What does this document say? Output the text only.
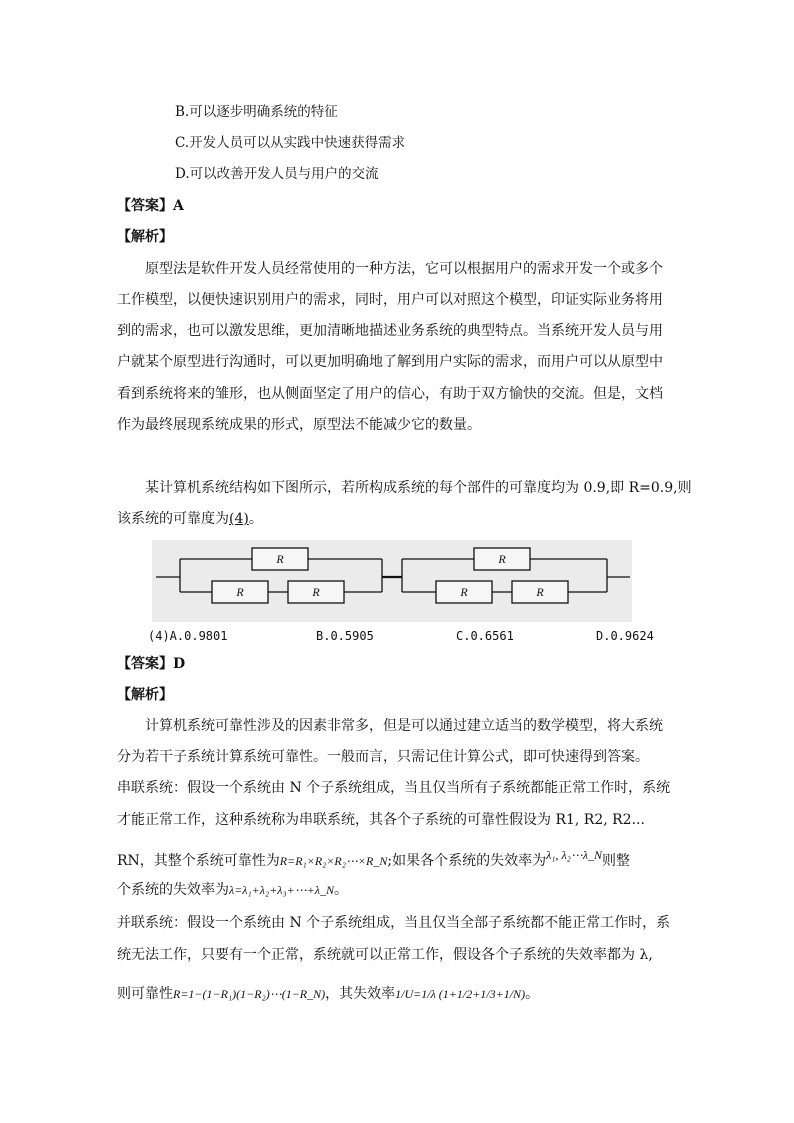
B.可以逐步明确系统的特征
C.开发人员可以从实践中快速获得需求
D.可以改善开发人员与用户的交流
【答案】A
【解析】
原型法是软件开发人员经常使用的一种方法，它可以根据用户的需求开发一个或多个
工作模型，以便快速识别用户的需求，同时，用户可以对照这个模型，印证实际业务将用
到的需求，也可以激发思维，更加清晰地描述业务系统的典型特点。当系统开发人员与用
户就某个原型进行沟通时，可以更加明确地了解到用户实际的需求，而用户可以从原型中
看到系统将来的雏形，也从侧面坚定了用户的信心，有助于双方愉快的交流。但是，文档
作为最终展现系统成果的形式，原型法不能减少它的数量。
某计算机系统结构如下图所示，若所构成系统的每个部件的可靠度均为 0.9,即 R=0.9,则
该系统的可靠度为(4)。
R
R	R
R
R	R
(4)A.0.9801	B.0.5905	C.0.6561	D.0.9624
【答案】D
【解析】
计算机系统可靠性涉及的因素非常多，但是可以通过建立适当的数学模型，将大系统
分为若干子系统计算系统可靠性。一般而言，只需记住计算公式，即可快速得到答案。
串联系统：假设一个系统由 N 个子系统组成，当且仅当所有子系统都能正常工作时，系统
才能正常工作，这种系统称为串联系统，其各个子系统的可靠性假设为 R1, R2, R2...
RN，其整个系统可靠性为R=R₁×R₂×R₂⋯×R_N;如果各个系统的失效率为λ₁, λ₂⋯λ_N则整
个系统的失效率为λ=λ₁+λ₂+λ₃+⋯+λ_N。
并联系统：假设一个系统由 N 个子系统组成，当且仅当全部子系统都不能正常工作时，系
统无法工作，只要有一个正常，系统就可以正常工作，假设各个子系统的失效率都为 λ,
则可靠性R=1−(1−R₁)(1−R₂)⋯(1−R_N)，其失效率1/U=1/λ (1+1/2+1/3+1/N)。
